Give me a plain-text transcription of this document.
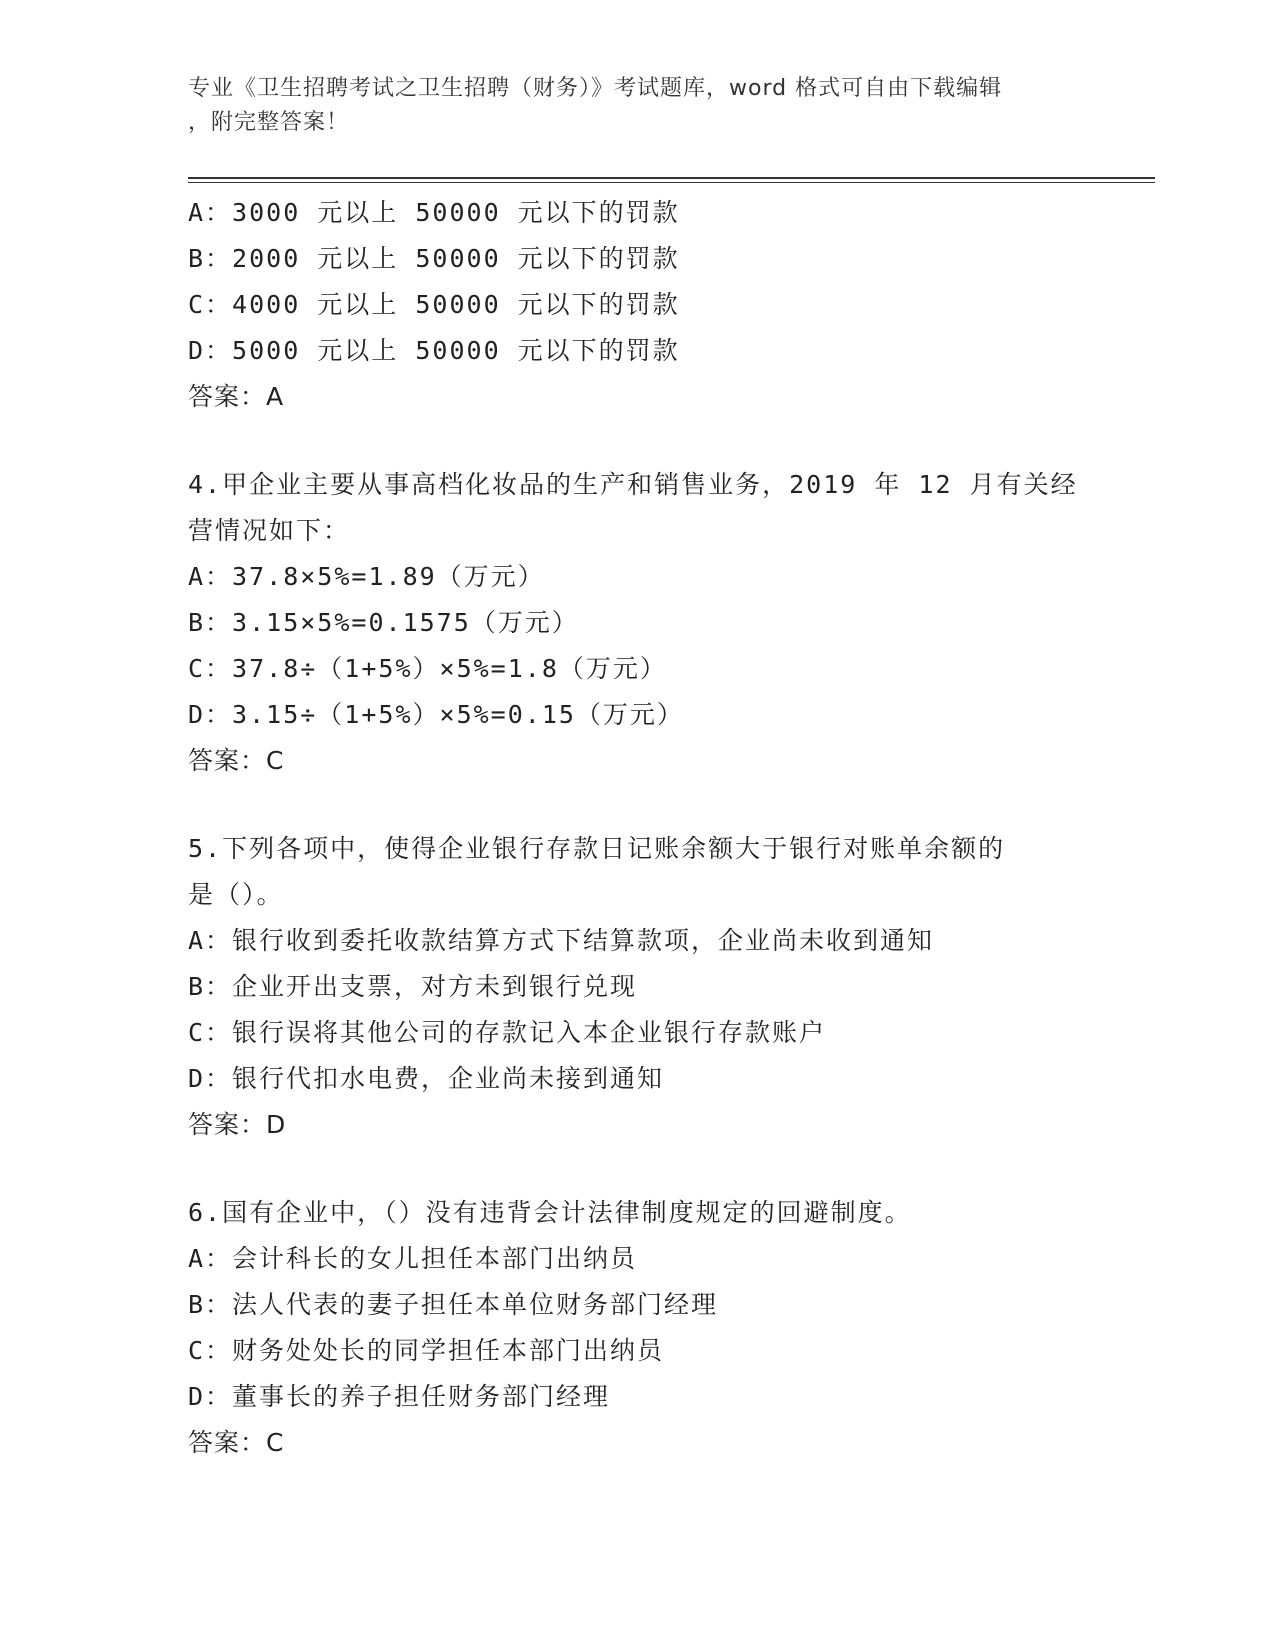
专业《卫生招聘考试之卫生招聘（财务）》考试题库，word 格式可自由下载编辑
，附完整答案！
A：3000 元以上 50000 元以下的罚款
B：2000 元以上 50000 元以下的罚款
C：4000 元以上 50000 元以下的罚款
D：5000 元以上 50000 元以下的罚款
答案：A
4.甲企业主要从事高档化妆品的生产和销售业务，2019 年 12 月有关经
营情况如下：
A：37.8×5%=1.89（万元）
B：3.15×5%=0.1575（万元）
C：37.8÷（1+5%）×5%=1.8（万元）
D：3.15÷（1+5%）×5%=0.15（万元）
答案：C
5.下列各项中，使得企业银行存款日记账余额大于银行对账单余额的
是（）。
A：银行收到委托收款结算方式下结算款项，企业尚未收到通知
B：企业开出支票，对方未到银行兑现
C：银行误将其他公司的存款记入本企业银行存款账户
D：银行代扣水电费，企业尚未接到通知
答案：D
6.国有企业中，（）没有违背会计法律制度规定的回避制度。
A：会计科长的女儿担任本部门出纳员
B：法人代表的妻子担任本单位财务部门经理
C：财务处处长的同学担任本部门出纳员
D：董事长的养子担任财务部门经理
答案：C
